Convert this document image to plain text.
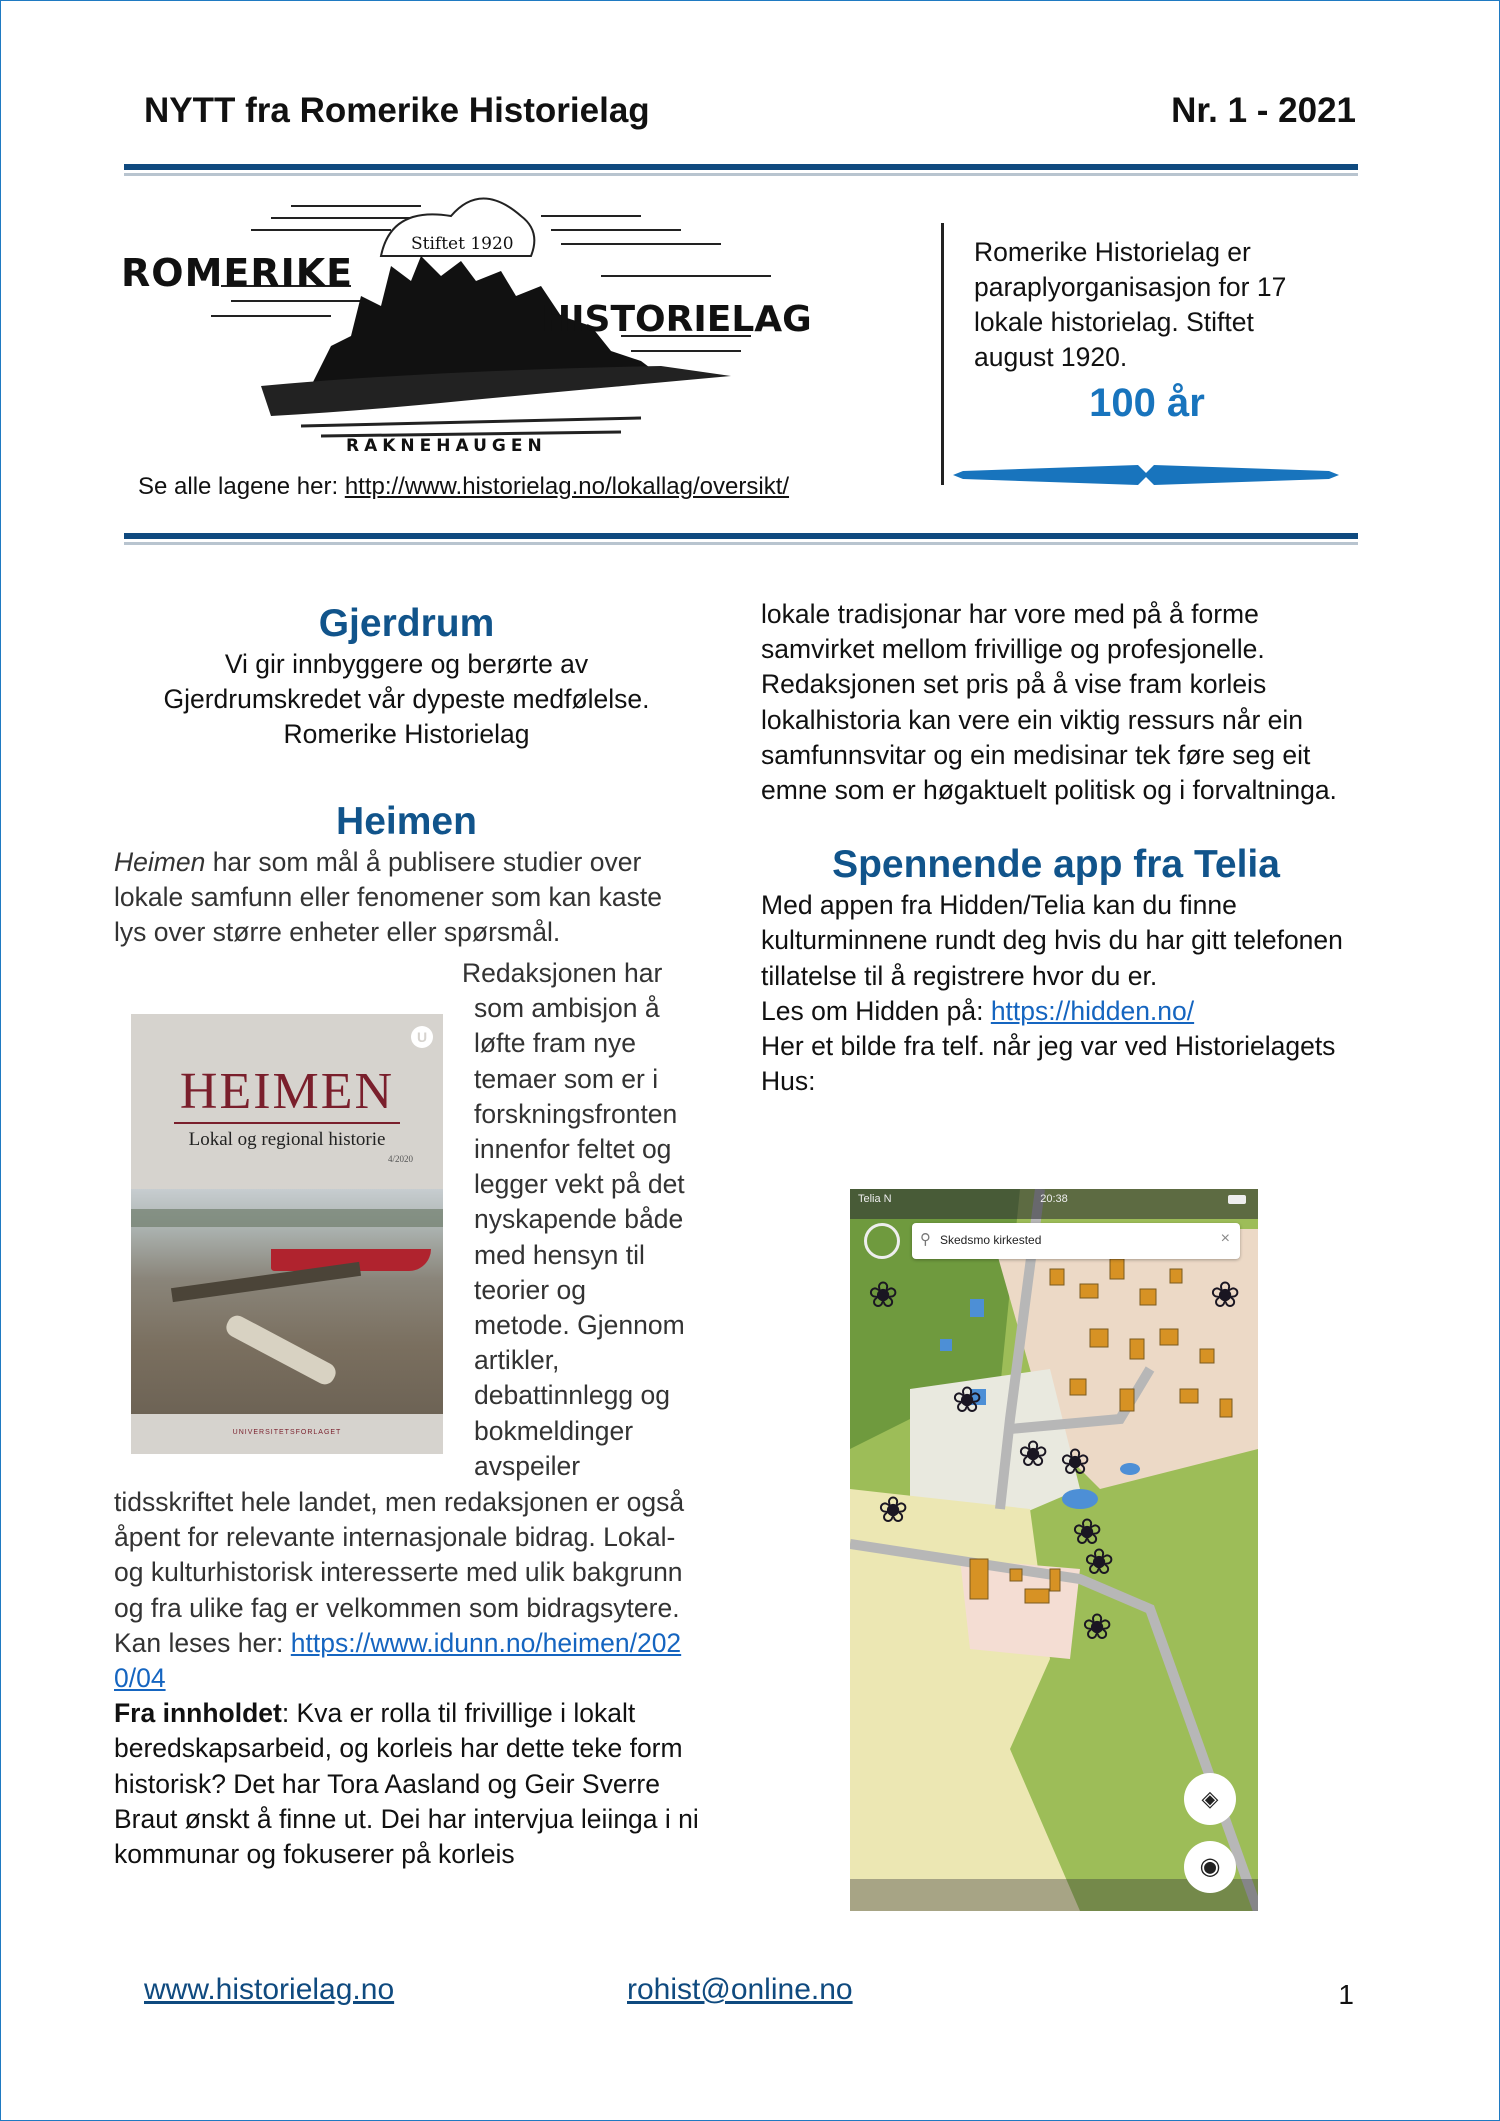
NYTT fra Romerike Historielag	Nr. 1 - 2021
Stiftet 1920
ROMERIKE
HISTORIELAG
RAKNEHAUGEN
Se alle lagene her: http://www.historielag.no/lokallag/oversikt/
Romerike Historielag er paraplyorganisasjon for 17 lokale historielag. Stiftet august 1920.
100 år
Gjerdrum
Vi gir innbyggere og berørte av
Gjerdrumskredet vår dypeste medfølelse.
Romerike Historielag
Heimen
Heimen har som mål å publisere studier over lokale samfunn eller fenomener som kan kaste lys over større enheter eller spørsmål.
U
HEIMEN
Lokal og regional historie
4/2020
UNIVERSITETSFORLAGET
Redaksjonen har
som ambisjon å
løfte fram nye
temaer som er i
forskningsfronten
innenfor feltet og
legger vekt på det
nyskapende både
med hensyn til
teorier og
metode. Gjennom
artikler,
debattinnlegg og
bokmeldinger
avspeiler
tidsskriftet hele landet, men redaksjonen er også åpent for relevante internasjonale bidrag. Lokal- og kulturhistorisk interesserte med ulik bakgrunn og fra ulike fag er velkommen som bidragsytere.
Kan leses her: https://www.idunn.no/heimen/2020/04
Fra innholdet: Kva er rolla til frivillige i lokalt beredskapsarbeid, og korleis har dette teke form historisk? Det har Tora Aasland og Geir Sverre Braut ønskt å finne ut. Dei har intervjua leiinga i ni kommunar og fokuserer på korleis
lokale tradisjonar har vore med på å forme samvirket mellom frivillige og profesjonelle. Redaksjonen set pris på å vise fram korleis lokalhistoria kan vere ein viktig ressurs når ein samfunnsvitar og ein medisinar tek føre seg eit emne som er høgaktuelt politisk og i forvaltninga.
Spennende app fra Telia
Med appen fra Hidden/Telia kan du finne kulturminnene rundt deg hvis du har gitt telefonen tillatelse til å registrere hvor du er.
Les om Hidden på: https://hidden.no/
Her et bilde fra telf. når jeg var ved Historielagets Hus:
Telia N	20:38
⚲ Skedsmo kirkested	×
❀	❀
❀
❀ ❀
❀
❀
❀
❀
◈
◉
www.historielag.no	rohist@online.no	1
